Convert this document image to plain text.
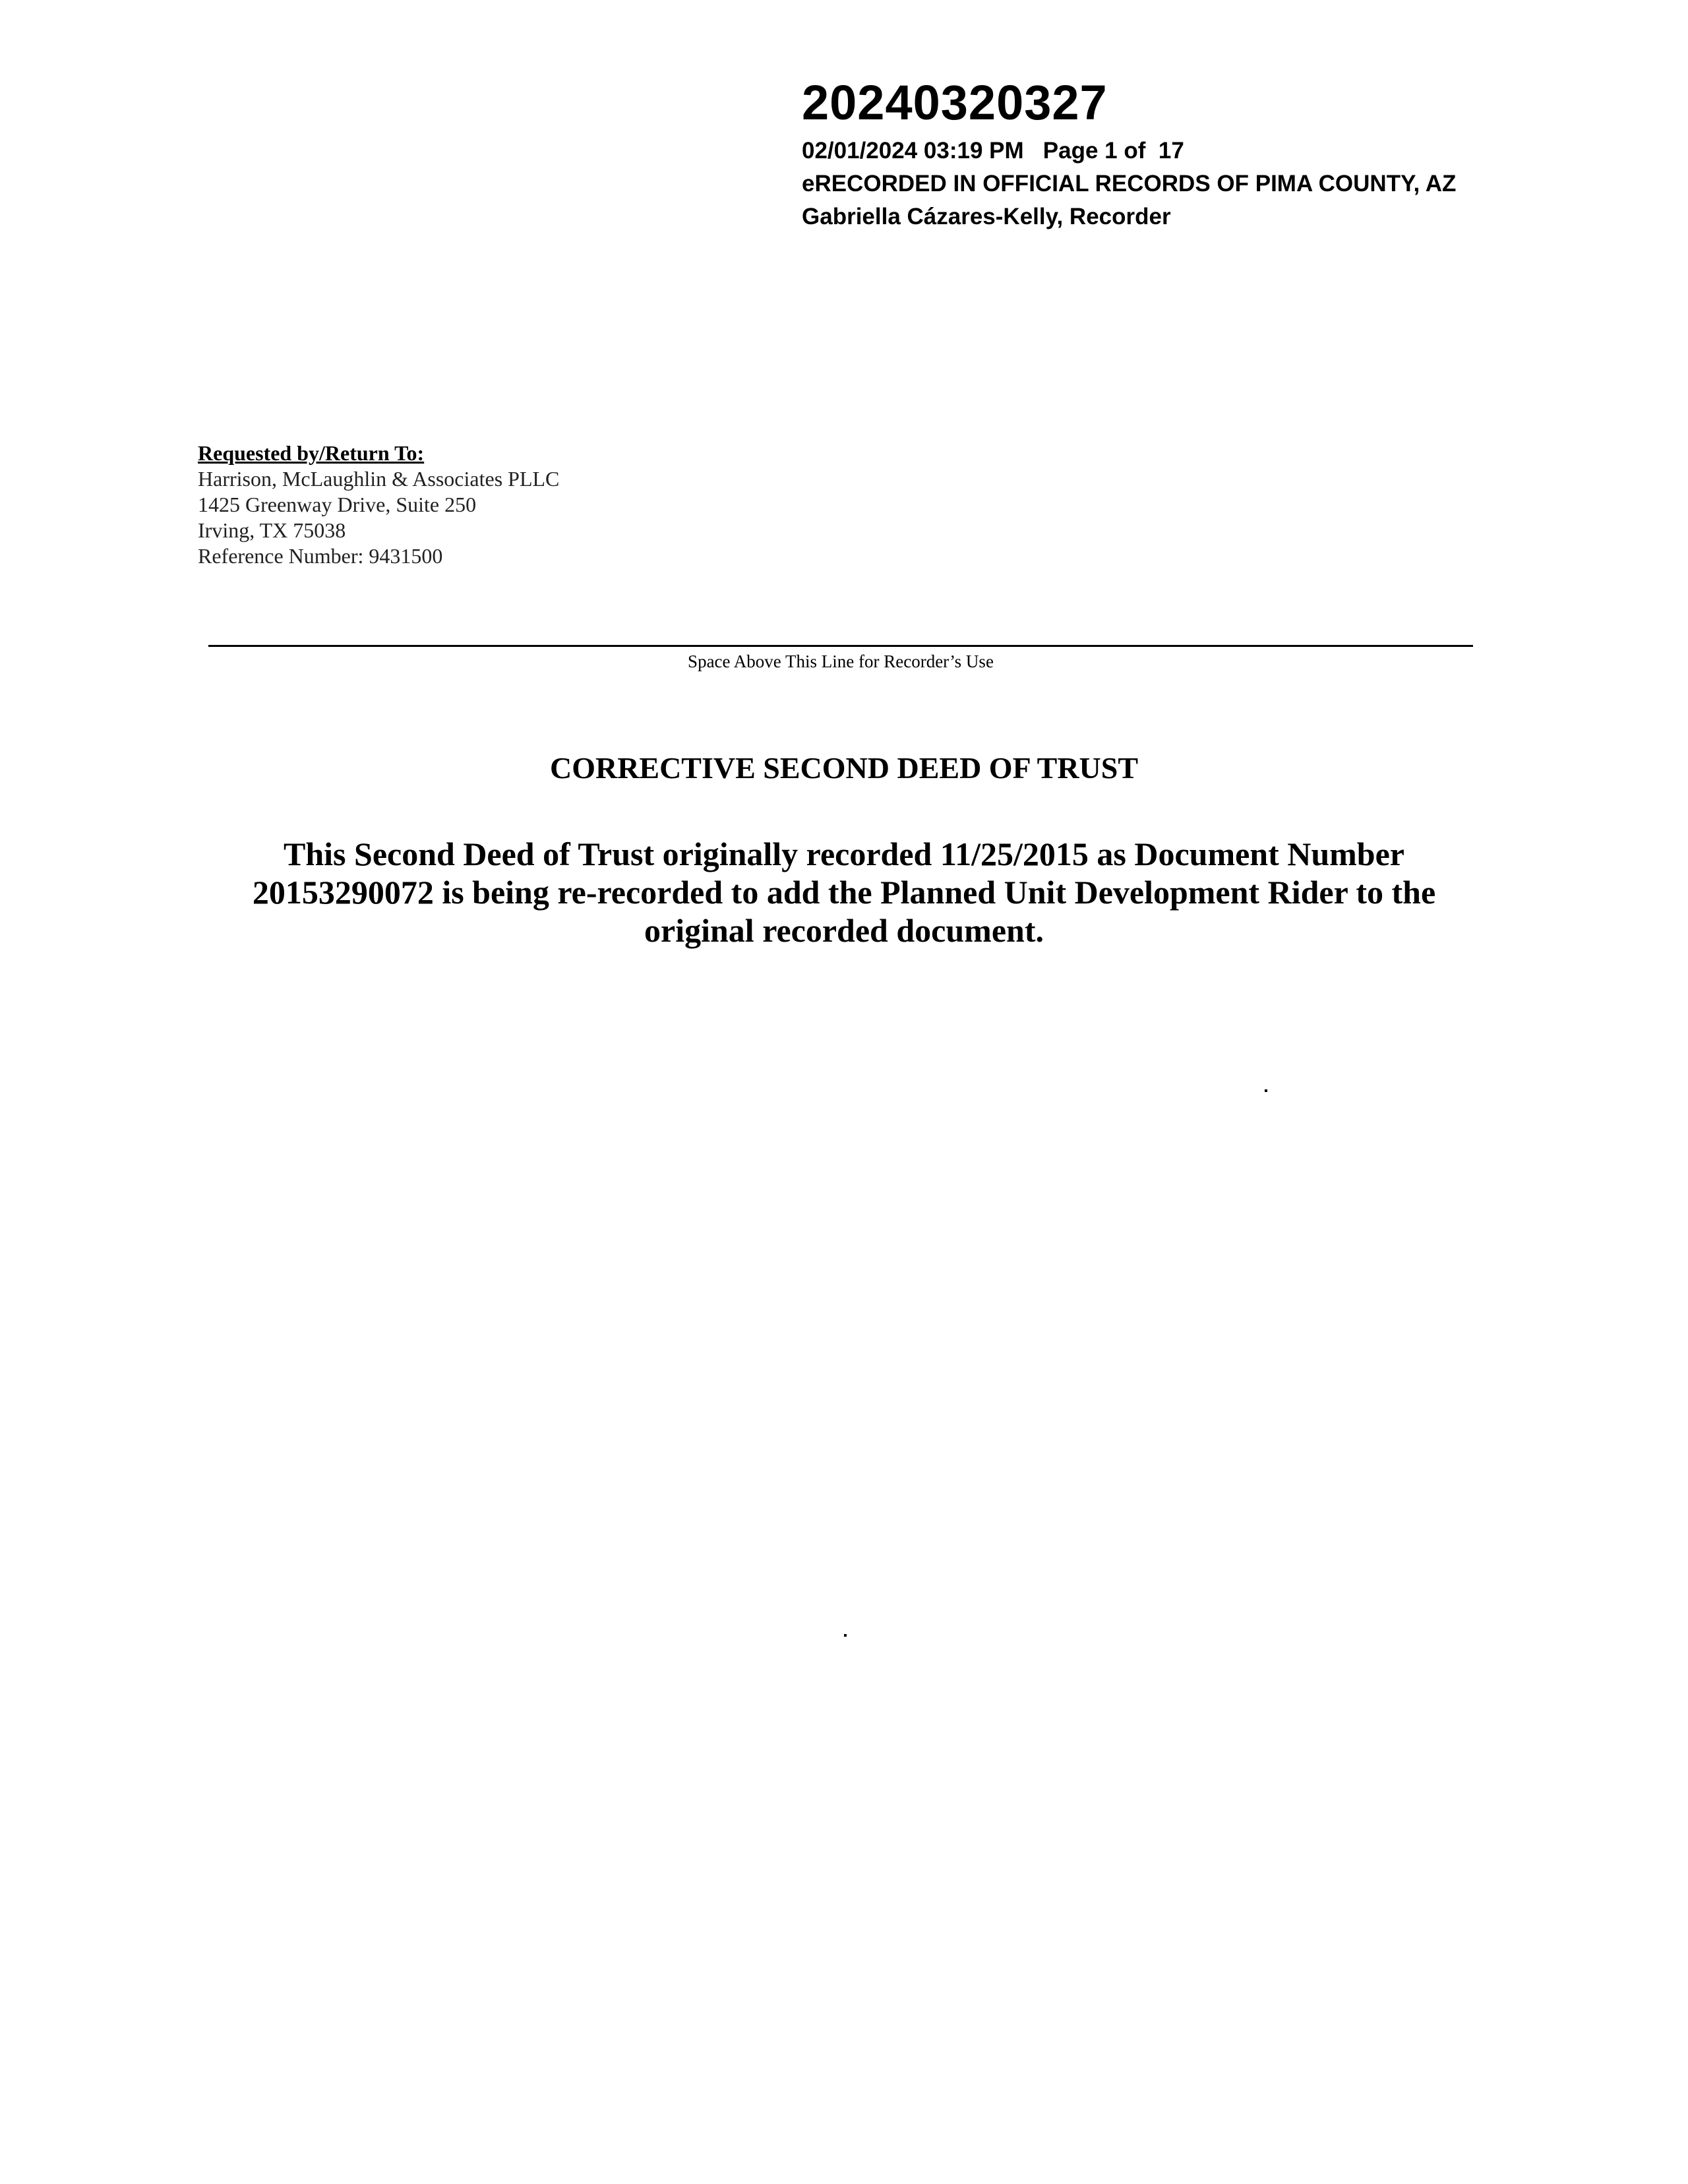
20240320327
02/01/2024 03:19 PM   Page 1 of  17
eRECORDED IN OFFICIAL RECORDS OF PIMA COUNTY, AZ
Gabriella Cázares-Kelly, Recorder
Requested by/Return To:
Harrison, McLaughlin & Associates PLLC
1425 Greenway Drive, Suite 250
Irving, TX 75038
Reference Number: 9431500
Space Above This Line for Recorder’s Use
CORRECTIVE SECOND DEED OF TRUST
This Second Deed of Trust originally recorded 11/25/2015 as Document Number
20153290072 is being re-recorded to add the Planned Unit Development Rider to the
original recorded document.
